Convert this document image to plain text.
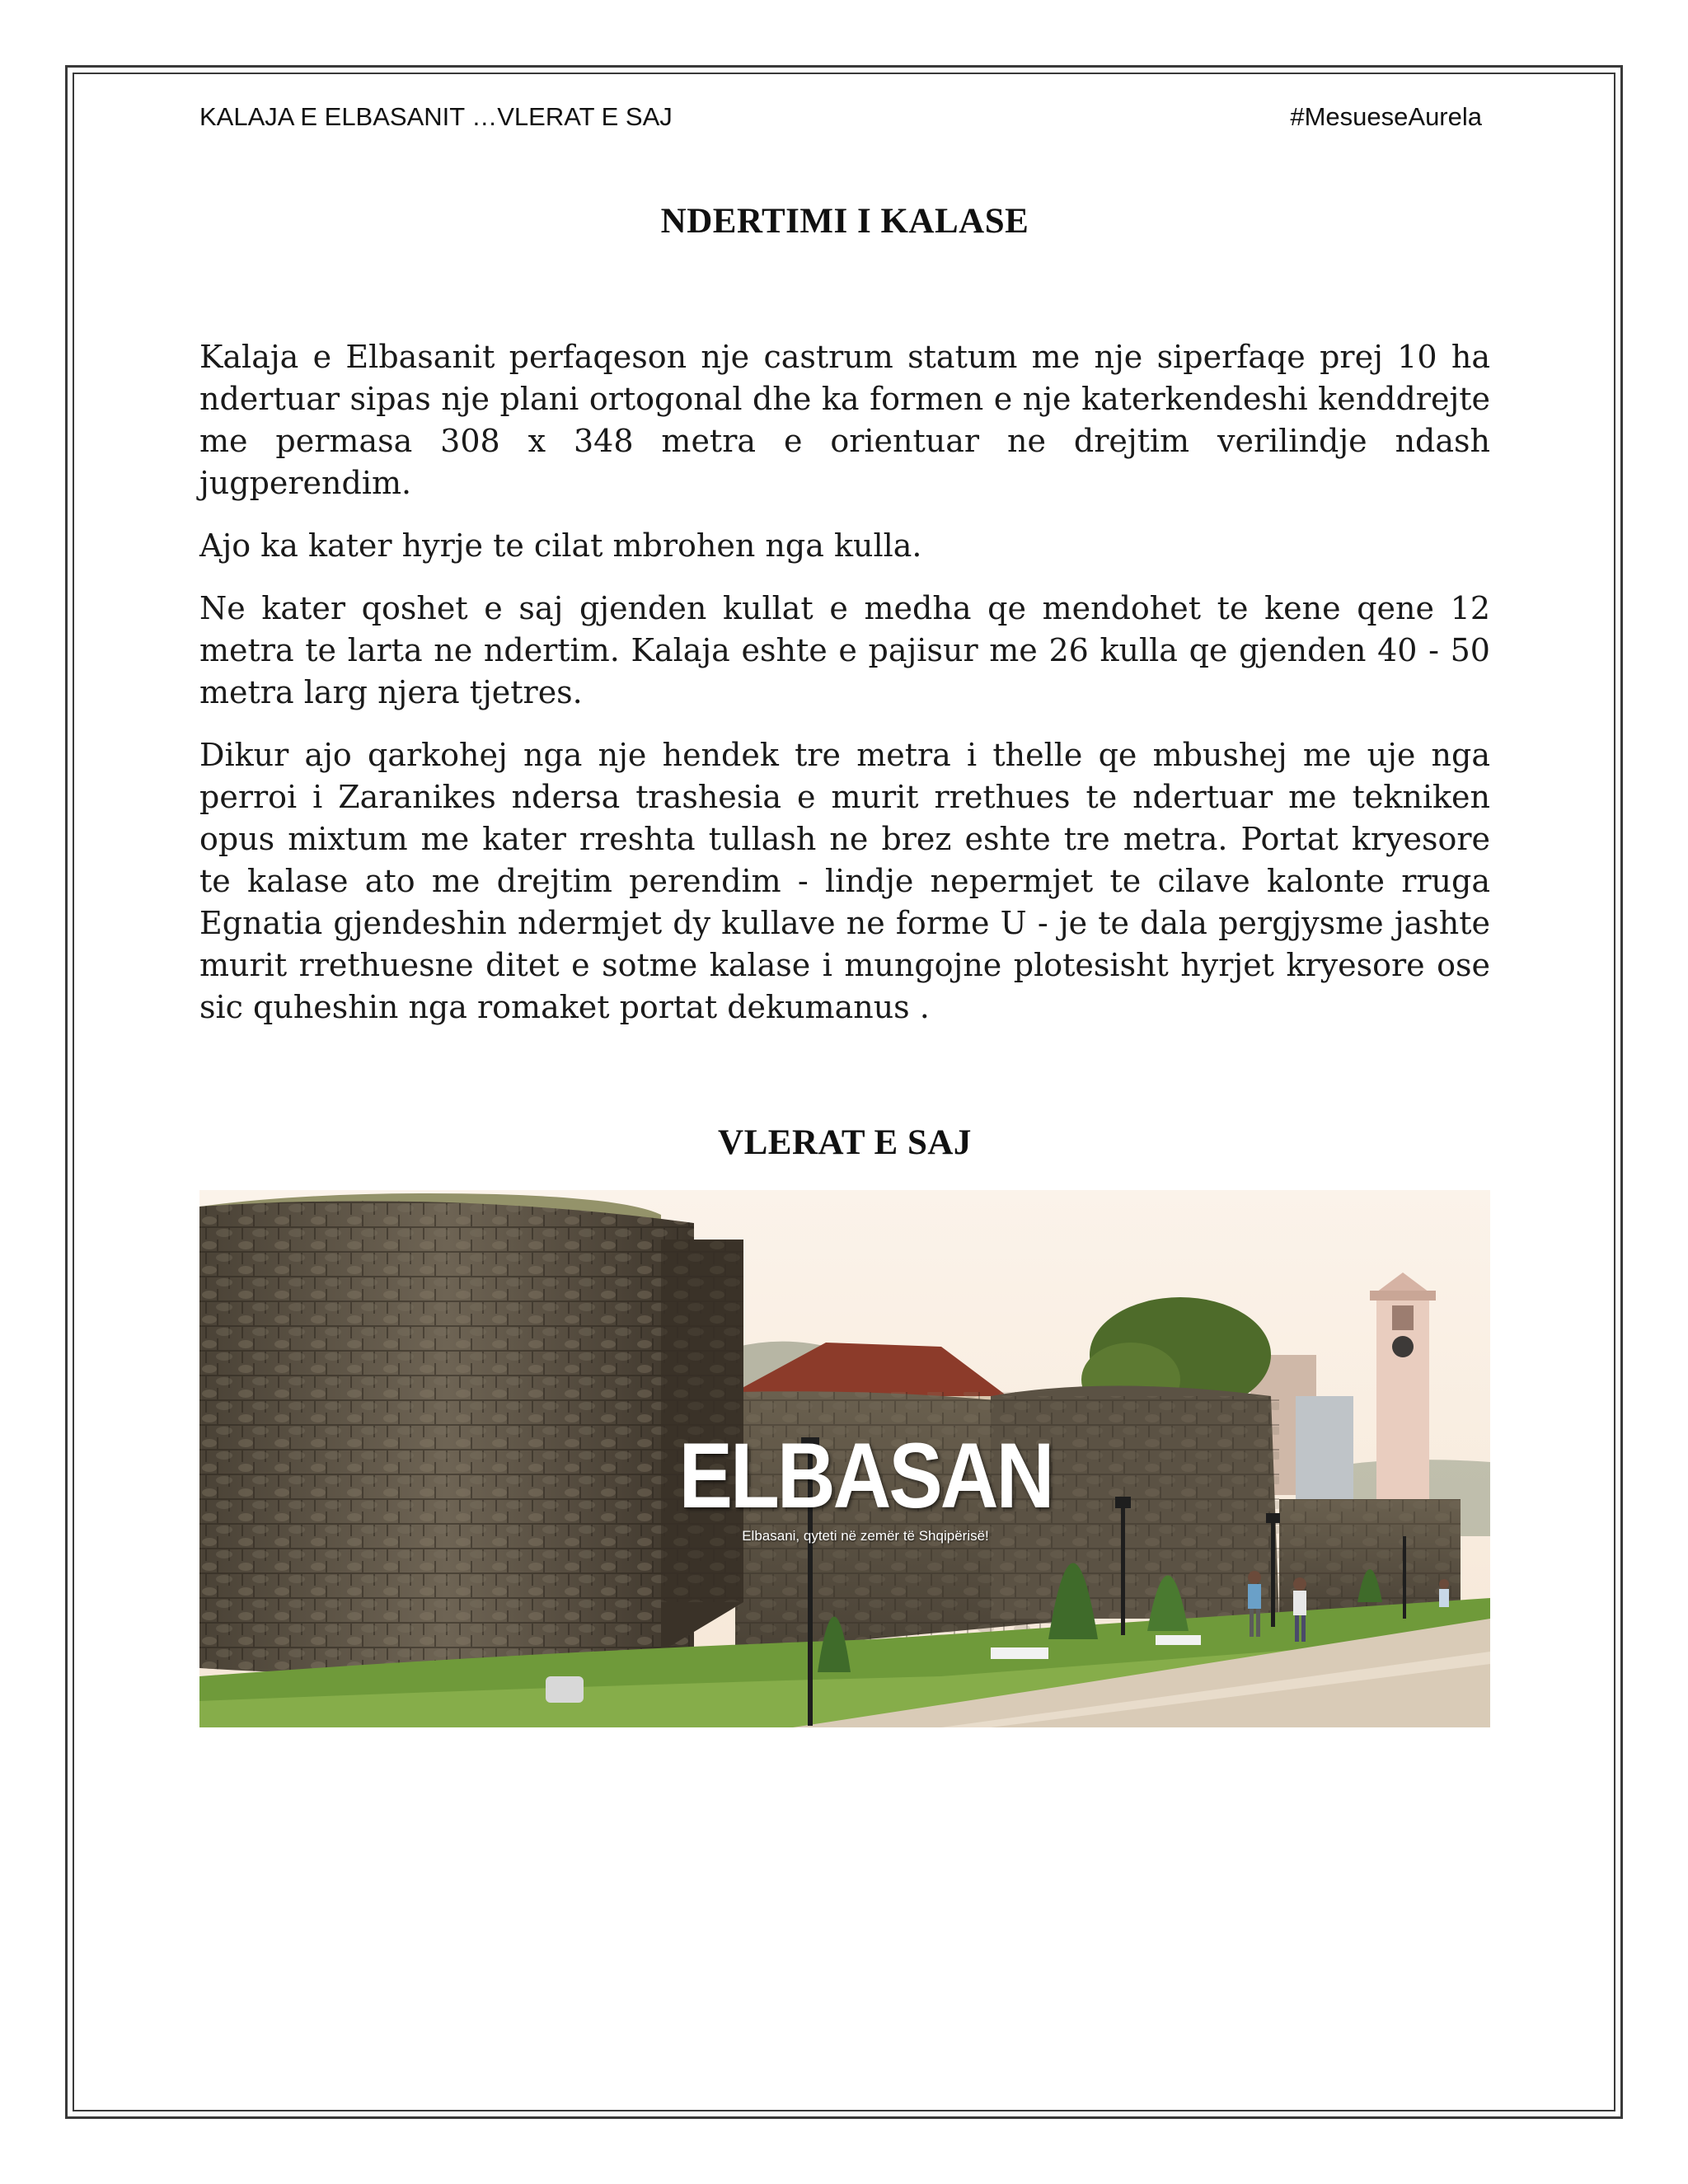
KALAJA E ELBASANIT …VLERAT E SAJ	#MesueseAurela
NDERTIMI I KALASE

Kalaja e Elbasanit perfaqeson nje castrum statum me nje siperfaqe prej 10 ha ndertuar sipas nje plani ortogonal dhe ka formen e nje katerkendeshi kenddrejte me permasa 308 x 348 metra e orientuar ne drejtim verilindje ndash jugperendim.

Ajo ka kater hyrje te cilat mbrohen nga kulla.

Ne kater qoshet e saj gjenden kullat e medha qe mendohet te kene qene 12 metra te larta ne ndertim. Kalaja eshte e pajisur me 26 kulla qe gjenden 40 - 50 metra larg njera tjetres.

Dikur ajo qarkohej nga nje hendek tre metra i thelle qe mbushej me uje nga perroi i Zaranikes ndersa trashesia e murit rrethues te ndertuar me tekniken opus mixtum me kater rreshta tullash ne brez eshte tre metra. Portat kryesore te kalase ato me drejtim perendim - lindje nepermjet te cilave kalonte rruga Egnatia gjendeshin ndermjet dy kullave ne forme U - je te dala pergjysme jashte murit rrethuesne ditet e sotme kalase i mungojne plotesisht hyrjet kryesore ose sic quheshin nga romaket portat dekumanus .

VLERAT E SAJ
ELBASAN
Elbasani, qyteti në zemër të Shqipërisë!
